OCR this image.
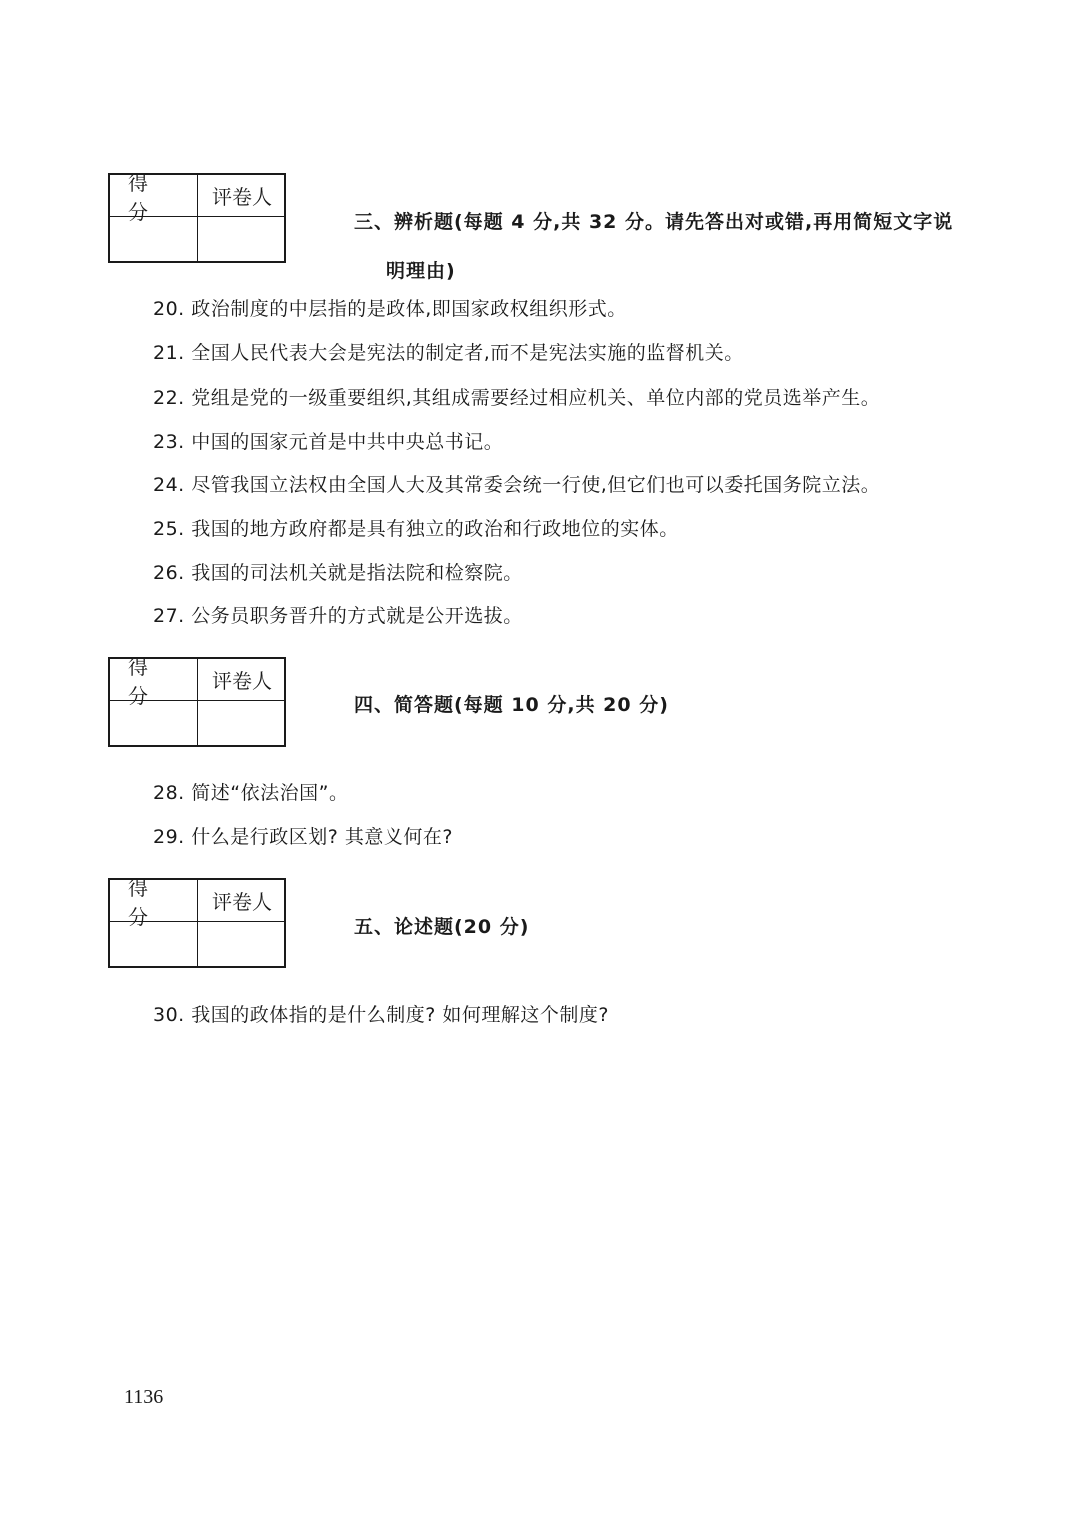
得分
评卷人
三、辨析题(每题 4 分,共 32 分。请先答出对或错,再用简短文字说
明理由)
20. 政治制度的中层指的是政体,即国家政权组织形式。
21. 全国人民代表大会是宪法的制定者,而不是宪法实施的监督机关。
22. 党组是党的一级重要组织,其组成需要经过相应机关、单位内部的党员选举产生。
23. 中国的国家元首是中共中央总书记。
24. 尽管我国立法权由全国人大及其常委会统一行使,但它们也可以委托国务院立法。
25. 我国的地方政府都是具有独立的政治和行政地位的实体。
26. 我国的司法机关就是指法院和检察院。
27. 公务员职务晋升的方式就是公开选拔。
得分
评卷人
四、简答题(每题 10 分,共 20 分)
28. 简述“依法治国”。
29. 什么是行政区划? 其意义何在?
得分
评卷人
五、论述题(20 分)
30. 我国的政体指的是什么制度? 如何理解这个制度?
1136
